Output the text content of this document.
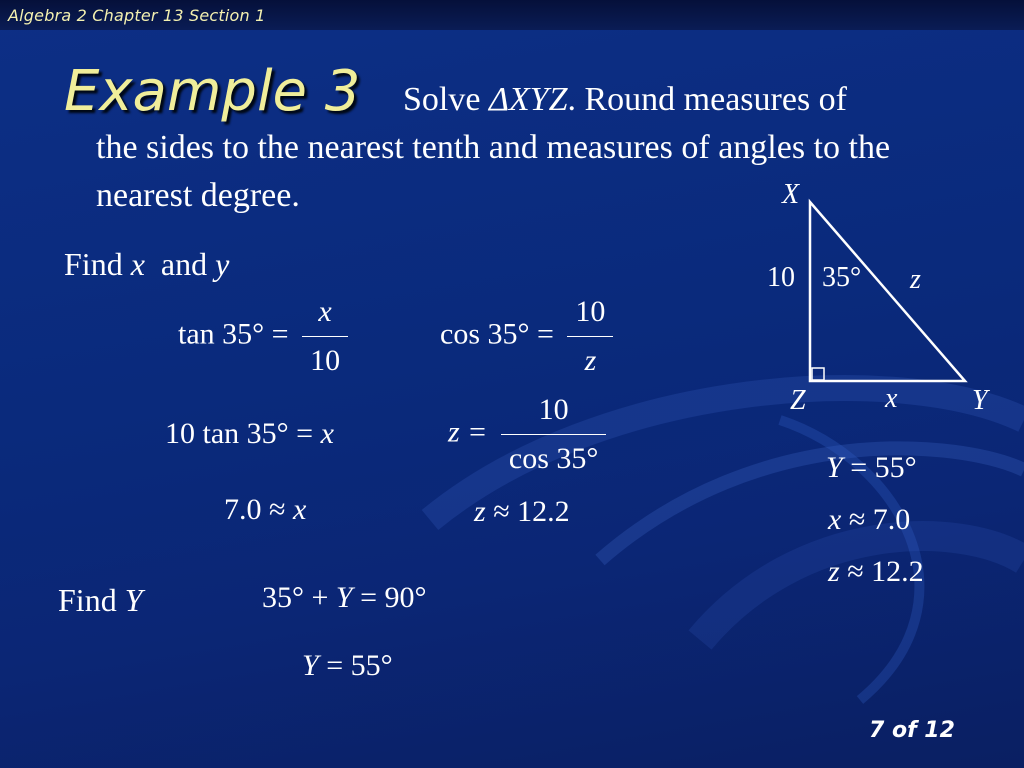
Algebra 2 Chapter 13 Section 1
Example 3	Solve ΔXYZ. Round measures of
the sides to the nearest tenth and measures of angles to the nearest degree.
Find x and y
$\tan 35^\circ = \frac{x}{10}$	$\cos 35^\circ = \frac{10}{z}$
10 tan 35° = x	$z = \frac{10}{\cos 35^\circ}$
7.0 ≈ x	z ≈ 12.2
Find Y	35° + Y = 90°
Y = 55°
X
10 35° z
Z	x	Y
Y = 55°
x ≈ 7.0
z ≈ 12.2
7 of 12
